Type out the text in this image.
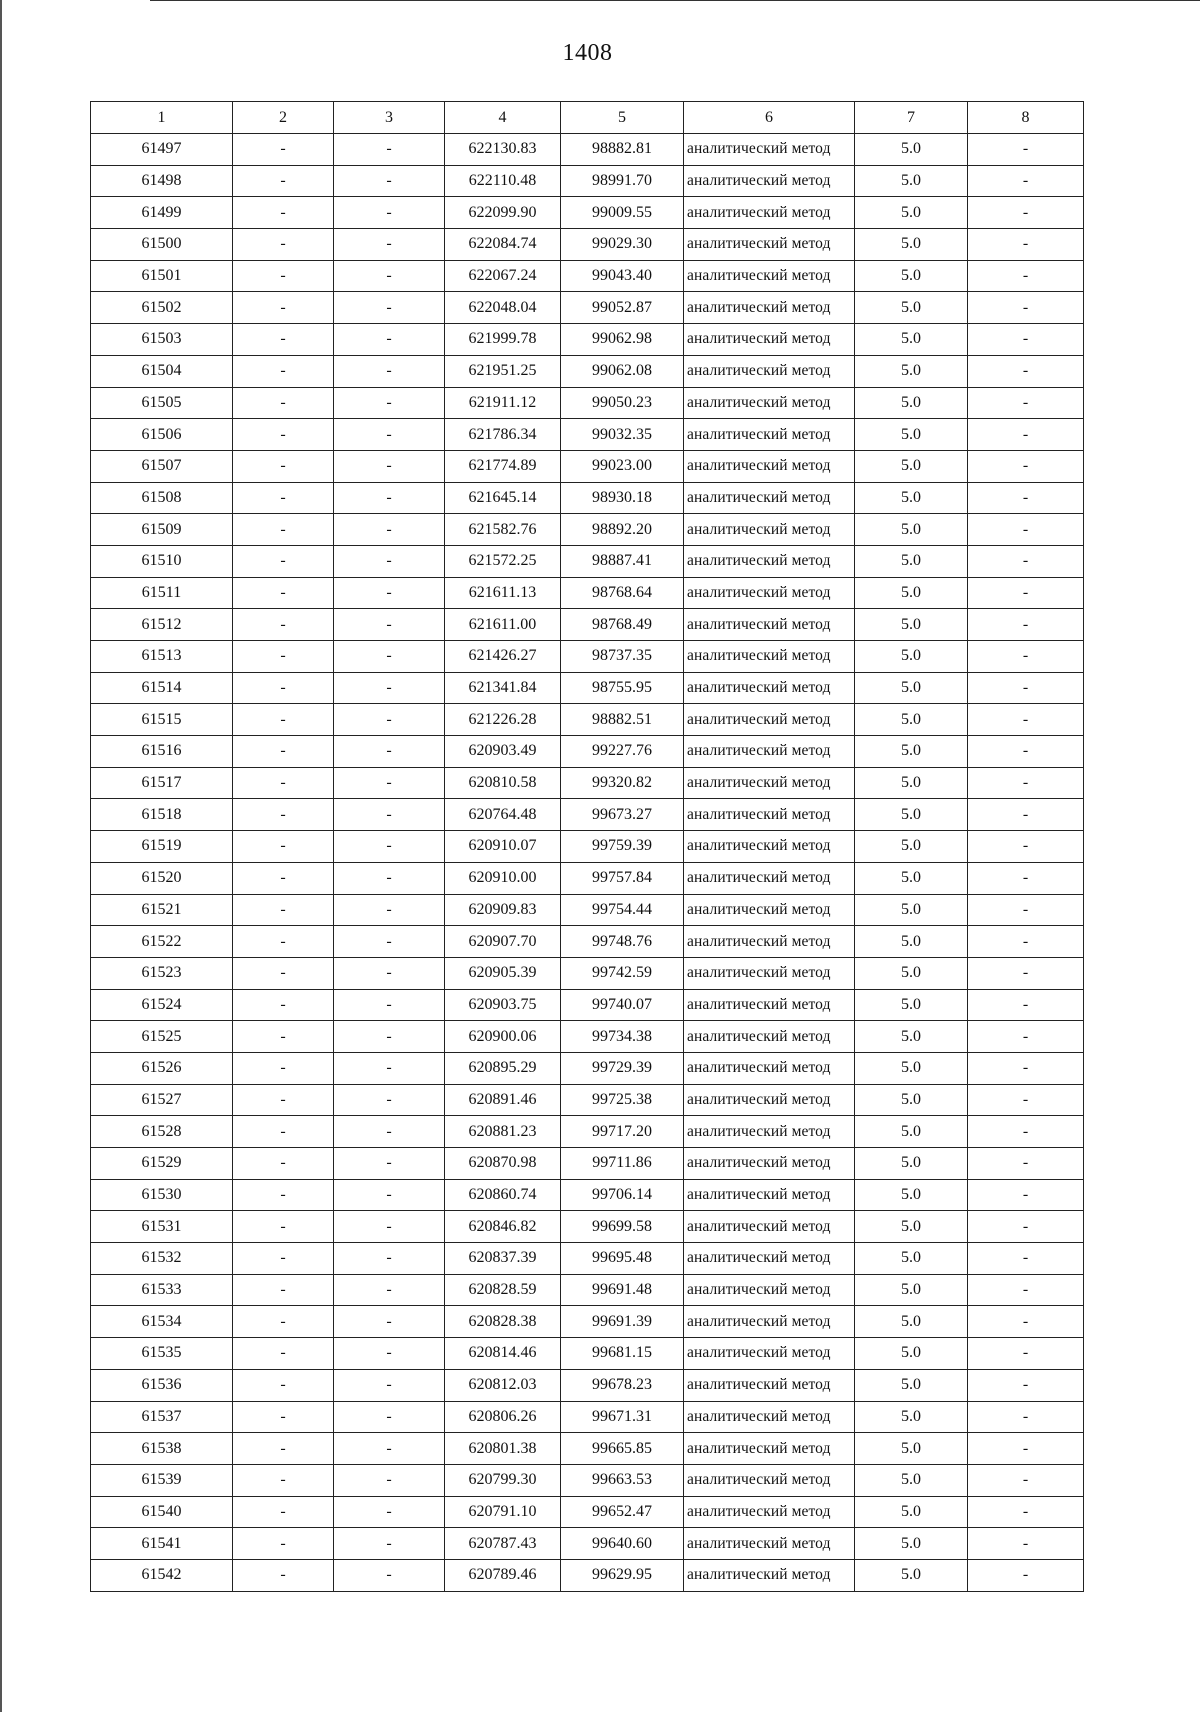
1408
1	2	3	4	5	6	7	8
61497	-	-	622130.83	98882.81	аналитический метод	5.0	-
61498	-	-	622110.48	98991.70	аналитический метод	5.0	-
61499	-	-	622099.90	99009.55	аналитический метод	5.0	-
61500	-	-	622084.74	99029.30	аналитический метод	5.0	-
61501	-	-	622067.24	99043.40	аналитический метод	5.0	-
61502	-	-	622048.04	99052.87	аналитический метод	5.0	-
61503	-	-	621999.78	99062.98	аналитический метод	5.0	-
61504	-	-	621951.25	99062.08	аналитический метод	5.0	-
61505	-	-	621911.12	99050.23	аналитический метод	5.0	-
61506	-	-	621786.34	99032.35	аналитический метод	5.0	-
61507	-	-	621774.89	99023.00	аналитический метод	5.0	-
61508	-	-	621645.14	98930.18	аналитический метод	5.0	-
61509	-	-	621582.76	98892.20	аналитический метод	5.0	-
61510	-	-	621572.25	98887.41	аналитический метод	5.0	-
61511	-	-	621611.13	98768.64	аналитический метод	5.0	-
61512	-	-	621611.00	98768.49	аналитический метод	5.0	-
61513	-	-	621426.27	98737.35	аналитический метод	5.0	-
61514	-	-	621341.84	98755.95	аналитический метод	5.0	-
61515	-	-	621226.28	98882.51	аналитический метод	5.0	-
61516	-	-	620903.49	99227.76	аналитический метод	5.0	-
61517	-	-	620810.58	99320.82	аналитический метод	5.0	-
61518	-	-	620764.48	99673.27	аналитический метод	5.0	-
61519	-	-	620910.07	99759.39	аналитический метод	5.0	-
61520	-	-	620910.00	99757.84	аналитический метод	5.0	-
61521	-	-	620909.83	99754.44	аналитический метод	5.0	-
61522	-	-	620907.70	99748.76	аналитический метод	5.0	-
61523	-	-	620905.39	99742.59	аналитический метод	5.0	-
61524	-	-	620903.75	99740.07	аналитический метод	5.0	-
61525	-	-	620900.06	99734.38	аналитический метод	5.0	-
61526	-	-	620895.29	99729.39	аналитический метод	5.0	-
61527	-	-	620891.46	99725.38	аналитический метод	5.0	-
61528	-	-	620881.23	99717.20	аналитический метод	5.0	-
61529	-	-	620870.98	99711.86	аналитический метод	5.0	-
61530	-	-	620860.74	99706.14	аналитический метод	5.0	-
61531	-	-	620846.82	99699.58	аналитический метод	5.0	-
61532	-	-	620837.39	99695.48	аналитический метод	5.0	-
61533	-	-	620828.59	99691.48	аналитический метод	5.0	-
61534	-	-	620828.38	99691.39	аналитический метод	5.0	-
61535	-	-	620814.46	99681.15	аналитический метод	5.0	-
61536	-	-	620812.03	99678.23	аналитический метод	5.0	-
61537	-	-	620806.26	99671.31	аналитический метод	5.0	-
61538	-	-	620801.38	99665.85	аналитический метод	5.0	-
61539	-	-	620799.30	99663.53	аналитический метод	5.0	-
61540	-	-	620791.10	99652.47	аналитический метод	5.0	-
61541	-	-	620787.43	99640.60	аналитический метод	5.0	-
61542	-	-	620789.46	99629.95	аналитический метод	5.0	-
